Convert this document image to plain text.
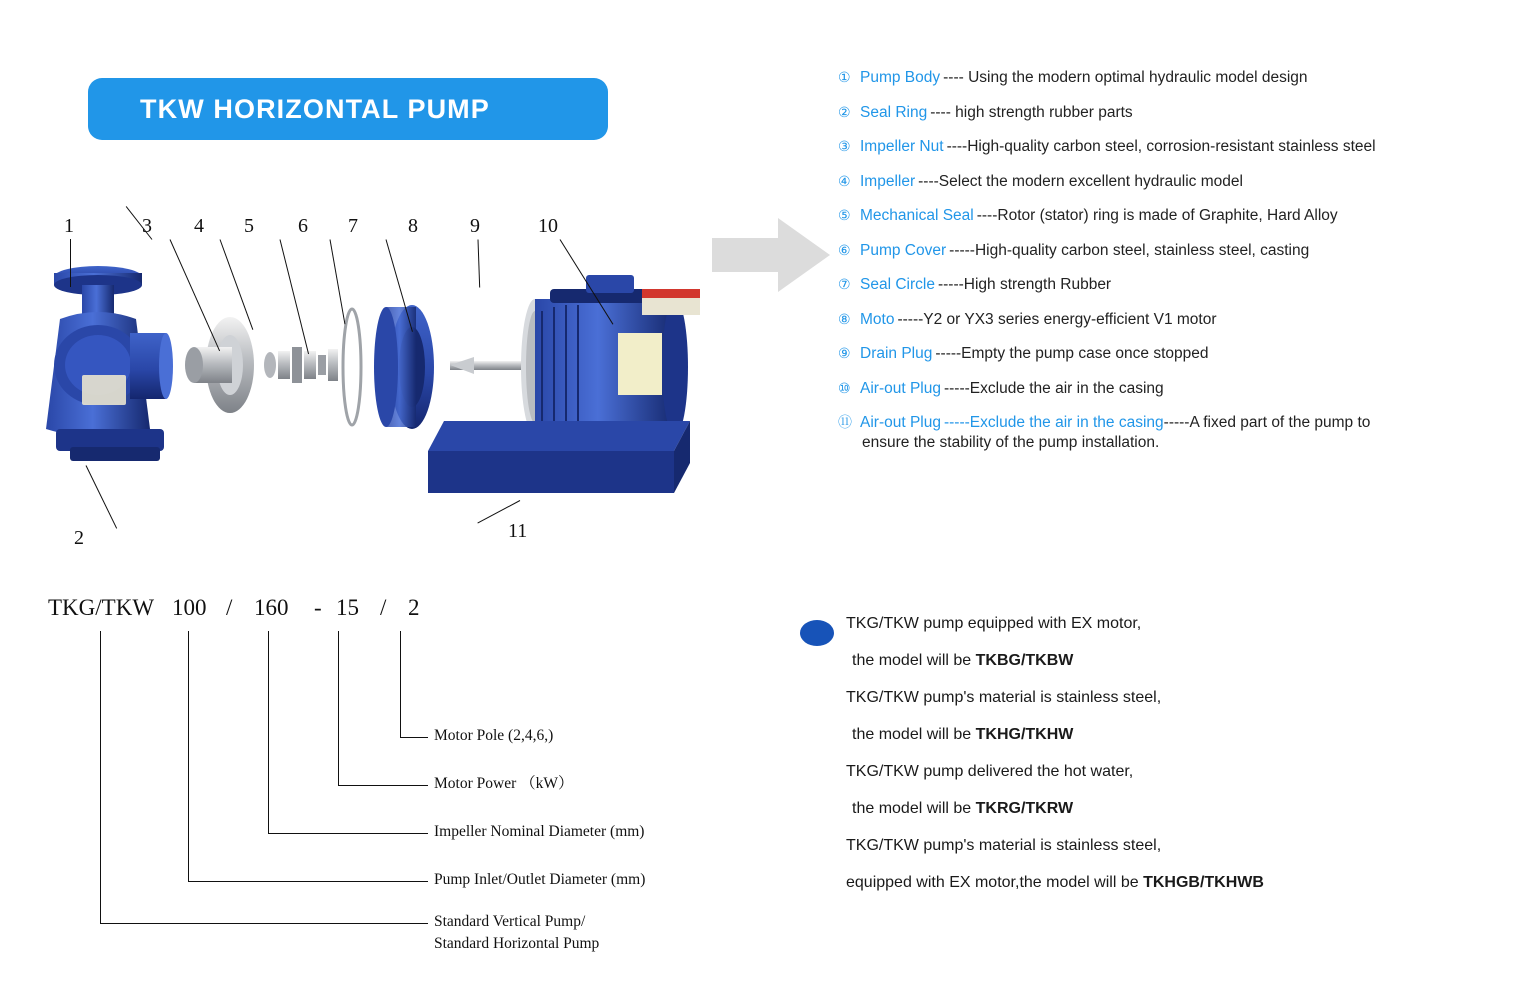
TKW HORIZONTAL PUMP
1	3 4 5 6 7	8	9	10
2	11
① Pump Body ---- Using the modern optimal hydraulic model design
② Seal Ring ---- high strength rubber parts
③ Impeller Nut ----High-quality carbon steel, corrosion-resistant stainless steel
④ Impeller ----Select the modern excellent hydraulic model
⑤ Mechanical Seal ----Rotor (stator) ring is made of Graphite, Hard Alloy
⑥ Pump Cover -----High-quality carbon steel, stainless steel, casting
⑦ Seal Circle -----High strength Rubber
⑧ Moto -----Y2 or YX3 series energy-efficient V1 motor
⑨ Drain Plug -----Empty the pump case once stopped
⑩ Air-out Plug -----Exclude the air in the casing
⑪ Air-out Plug -----Exclude the air in the casing -----A fixed part of the pump to
ensure the stability of the pump installation.
TKG/TKW 100 / 160 - 15 / 2
Motor Pole (2,4,6,)
Motor Power （kW）
Impeller Nominal Diameter (mm)
Pump Inlet/Outlet Diameter (mm)
Standard Vertical Pump/
Standard Horizontal Pump
TKG/TKW pump equipped with EX motor,
the model will be TKBG/TKBW
TKG/TKW pump's material is stainless steel,
the model will be TKHG/TKHW
TKG/TKW pump delivered the hot water,
the model will be TKRG/TKRW
TKG/TKW pump's material is stainless steel,
equipped with EX motor,the model will be TKHGB/TKHWB
